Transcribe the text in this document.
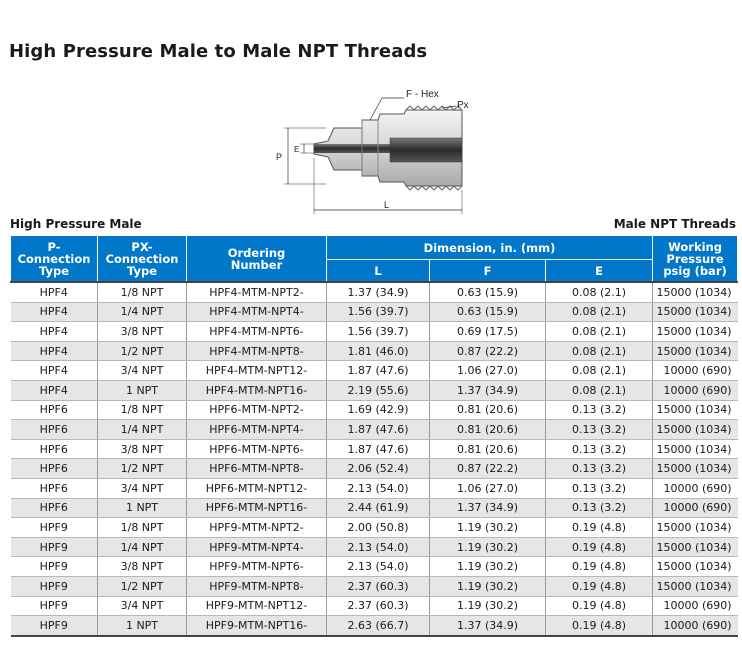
High Pressure Male to Male NPT Threads
F - Hex
Px
P
E
L
High Pressure Male	Male NPT Threads
P-
Connection
Type	PX-
Connection
Type	Ordering
Number	Dimension, in. (mm)			Working
Pressure
psig (bar)
			L	F	E	
HPF4	1/8 NPT	HPF4-MTM-NPT2-	1.37 (34.9)	0.63 (15.9)	0.08 (2.1)	15000 (1034)
HPF4	1/4 NPT	HPF4-MTM-NPT4-	1.56 (39.7)	0.63 (15.9)	0.08 (2.1)	15000 (1034)
HPF4	3/8 NPT	HPF4-MTM-NPT6-	1.56 (39.7)	0.69 (17.5)	0.08 (2.1)	15000 (1034)
HPF4	1/2 NPT	HPF4-MTM-NPT8-	1.81 (46.0)	0.87 (22.2)	0.08 (2.1)	15000 (1034)
HPF4	3/4 NPT	HPF4-MTM-NPT12-	1.87 (47.6)	1.06 (27.0)	0.08 (2.1)	10000 (690)
HPF4	1 NPT	HPF4-MTM-NPT16-	2.19 (55.6)	1.37 (34.9)	0.08 (2.1)	10000 (690)
HPF6	1/8 NPT	HPF6-MTM-NPT2-	1.69 (42.9)	0.81 (20.6)	0.13 (3.2)	15000 (1034)
HPF6	1/4 NPT	HPF6-MTM-NPT4-	1.87 (47.6)	0.81 (20.6)	0.13 (3.2)	15000 (1034)
HPF6	3/8 NPT	HPF6-MTM-NPT6-	1.87 (47.6)	0.81 (20.6)	0.13 (3.2)	15000 (1034)
HPF6	1/2 NPT	HPF6-MTM-NPT8-	2.06 (52.4)	0.87 (22.2)	0.13 (3.2)	15000 (1034)
HPF6	3/4 NPT	HPF6-MTM-NPT12-	2.13 (54.0)	1.06 (27.0)	0.13 (3.2)	10000 (690)
HPF6	1 NPT	HPF6-MTM-NPT16-	2.44 (61.9)	1.37 (34.9)	0.13 (3.2)	10000 (690)
HPF9	1/8 NPT	HPF9-MTM-NPT2-	2.00 (50.8)	1.19 (30.2)	0.19 (4.8)	15000 (1034)
HPF9	1/4 NPT	HPF9-MTM-NPT4-	2.13 (54.0)	1.19 (30.2)	0.19 (4.8)	15000 (1034)
HPF9	3/8 NPT	HPF9-MTM-NPT6-	2.13 (54.0)	1.19 (30.2)	0.19 (4.8)	15000 (1034)
HPF9	1/2 NPT	HPF9-MTM-NPT8-	2.37 (60.3)	1.19 (30.2)	0.19 (4.8)	15000 (1034)
HPF9	3/4 NPT	HPF9-MTM-NPT12-	2.37 (60.3)	1.19 (30.2)	0.19 (4.8)	10000 (690)
HPF9	1 NPT	HPF9-MTM-NPT16-	2.63 (66.7)	1.37 (34.9)	0.19 (4.8)	10000 (690)
